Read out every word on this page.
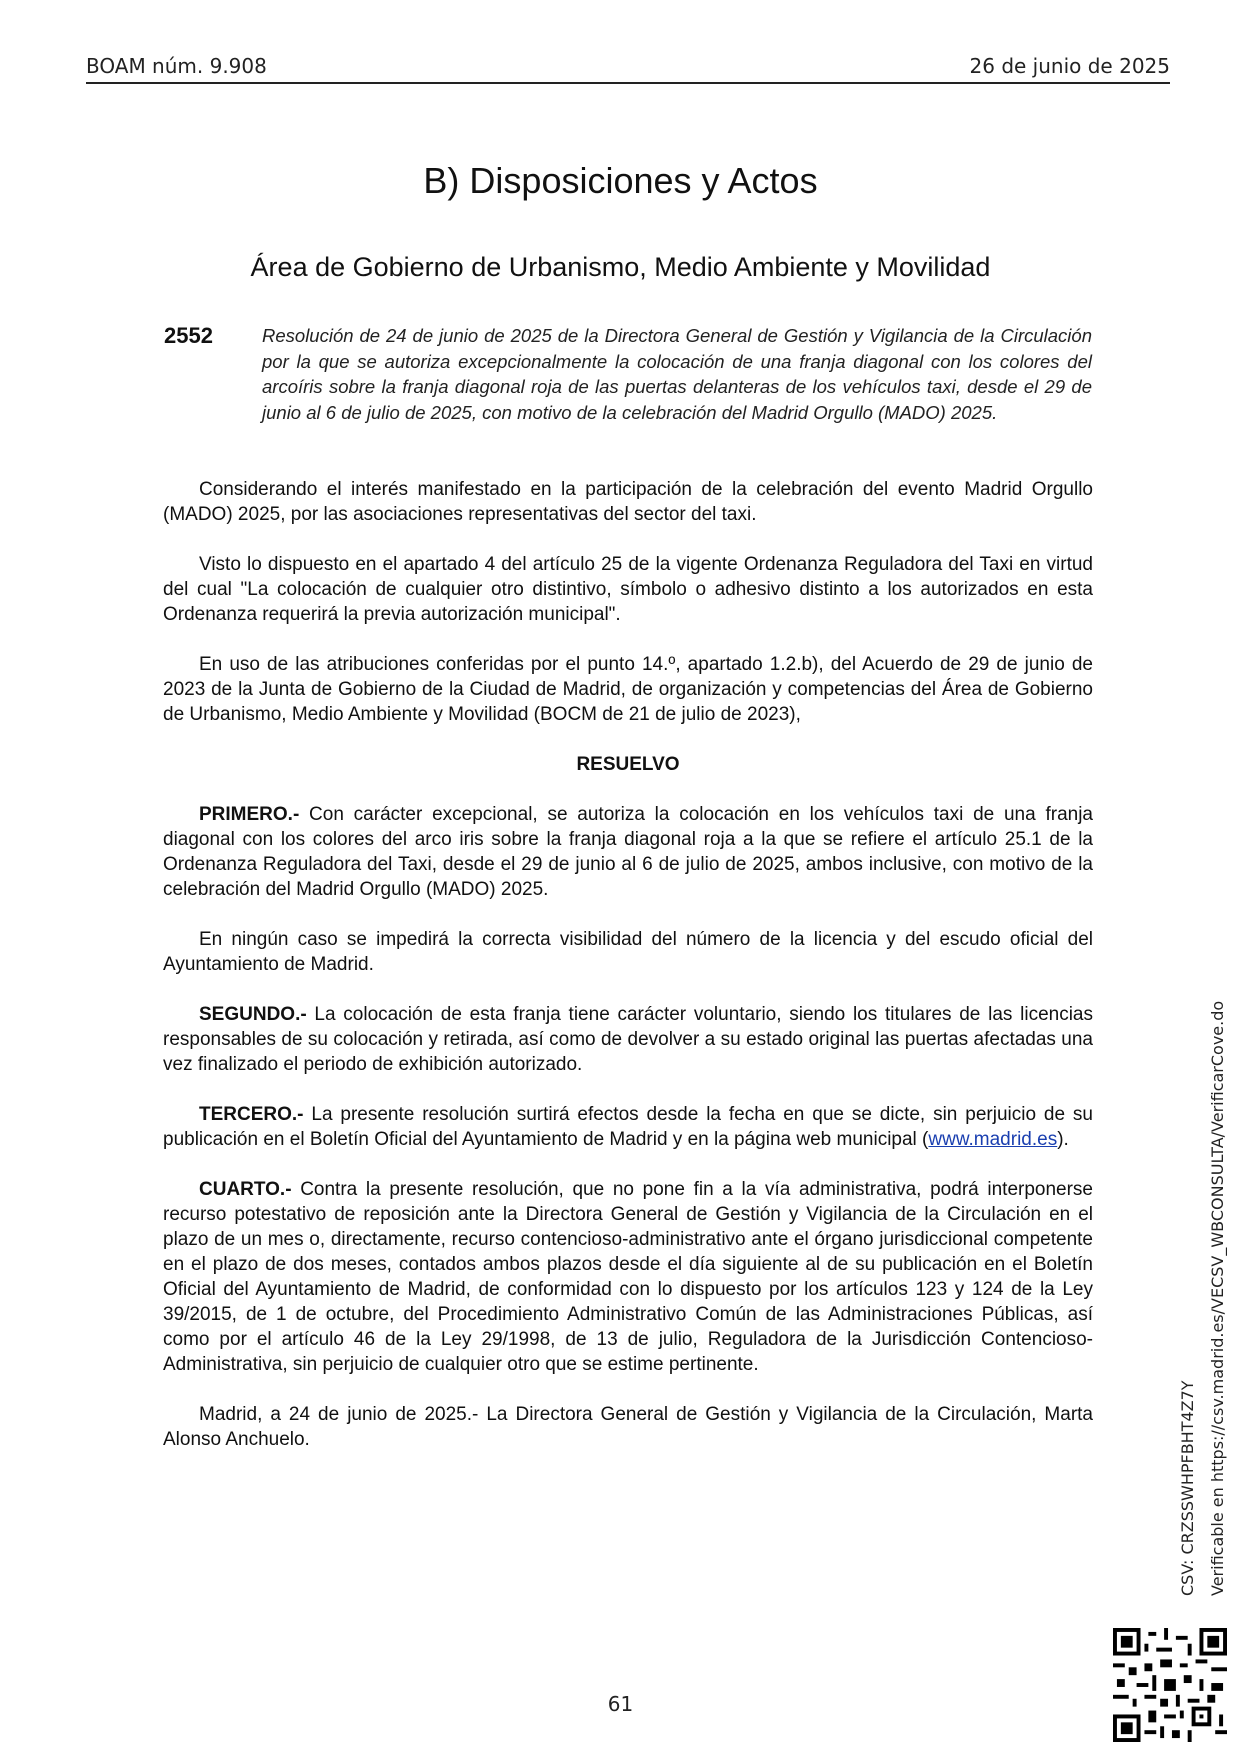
BOAM núm. 9.908	26 de junio de 2025
B) Disposiciones y Actos
Área de Gobierno de Urbanismo, Medio Ambiente y Movilidad
2552	Resolución de 24 de junio de 2025 de la Directora General de Gestión y Vigilancia de la Circulación por la que se autoriza excepcionalmente la colocación de una franja diagonal con los colores del arcoíris sobre la franja diagonal roja de las puertas delanteras de los vehículos taxi, desde el 29 de junio al 6 de julio de 2025, con motivo de la celebración del Madrid Orgullo (MADO) 2025.

Considerando el interés manifestado en la participación de la celebración del evento Madrid Orgullo (MADO) 2025, por las asociaciones representativas del sector del taxi.

Visto lo dispuesto en el apartado 4 del artículo 25 de la vigente Ordenanza Reguladora del Taxi en virtud del cual "La colocación de cualquier otro distintivo, símbolo o adhesivo distinto a los autorizados en esta Ordenanza requerirá la previa autorización municipal".

En uso de las atribuciones conferidas por el punto 14.º, apartado 1.2.b), del Acuerdo de 29 de junio de 2023 de la Junta de Gobierno de la Ciudad de Madrid, de organización y competencias del Área de Gobierno de Urbanismo, Medio Ambiente y Movilidad (BOCM de 21 de julio de 2023),

RESUELVO

PRIMERO.- Con carácter excepcional, se autoriza la colocación en los vehículos taxi de una franja diagonal con los colores del arco iris sobre la franja diagonal roja a la que se refiere el artículo 25.1 de la Ordenanza Reguladora del Taxi, desde el 29 de junio al 6 de julio de 2025, ambos inclusive, con motivo de la celebración del Madrid Orgullo (MADO) 2025.

En ningún caso se impedirá la correcta visibilidad del número de la licencia y del escudo oficial del Ayuntamiento de Madrid.

SEGUNDO.- La colocación de esta franja tiene carácter voluntario, siendo los titulares de las licencias responsables de su colocación y retirada, así como de devolver a su estado original las puertas afectadas una vez finalizado el periodo de exhibición autorizado.

TERCERO.- La presente resolución surtirá efectos desde la fecha en que se dicte, sin perjuicio de su publicación en el Boletín Oficial del Ayuntamiento de Madrid y en la página web municipal (www.madrid.es).

CUARTO.- Contra la presente resolución, que no pone fin a la vía administrativa, podrá interponerse recurso potestativo de reposición ante la Directora General de Gestión y Vigilancia de la Circulación en el plazo de un mes o, directamente, recurso contencioso-administrativo ante el órgano jurisdiccional competente en el plazo de dos meses, contados ambos plazos desde el día siguiente al de su publicación en el Boletín Oficial del Ayuntamiento de Madrid, de conformidad con lo dispuesto por los artículos 123 y 124 de la Ley 39/2015, de 1 de octubre, del Procedimiento Administrativo Común de las Administraciones Públicas, así como por el artículo 46 de la Ley 29/1998, de 13 de julio, Reguladora de la Jurisdicción Contencioso-Administrativa, sin perjuicio de cualquier otro que se estime pertinente.

Madrid, a 24 de junio de 2025.- La Directora General de Gestión y Vigilancia de la Circulación, Marta Alonso Anchuelo.	CSV: CRZSSWHPFBHT4Z7Y Verificable en https://csv.madrid.es/VECSV_WBCONSULTA/VerificarCove.do
61
